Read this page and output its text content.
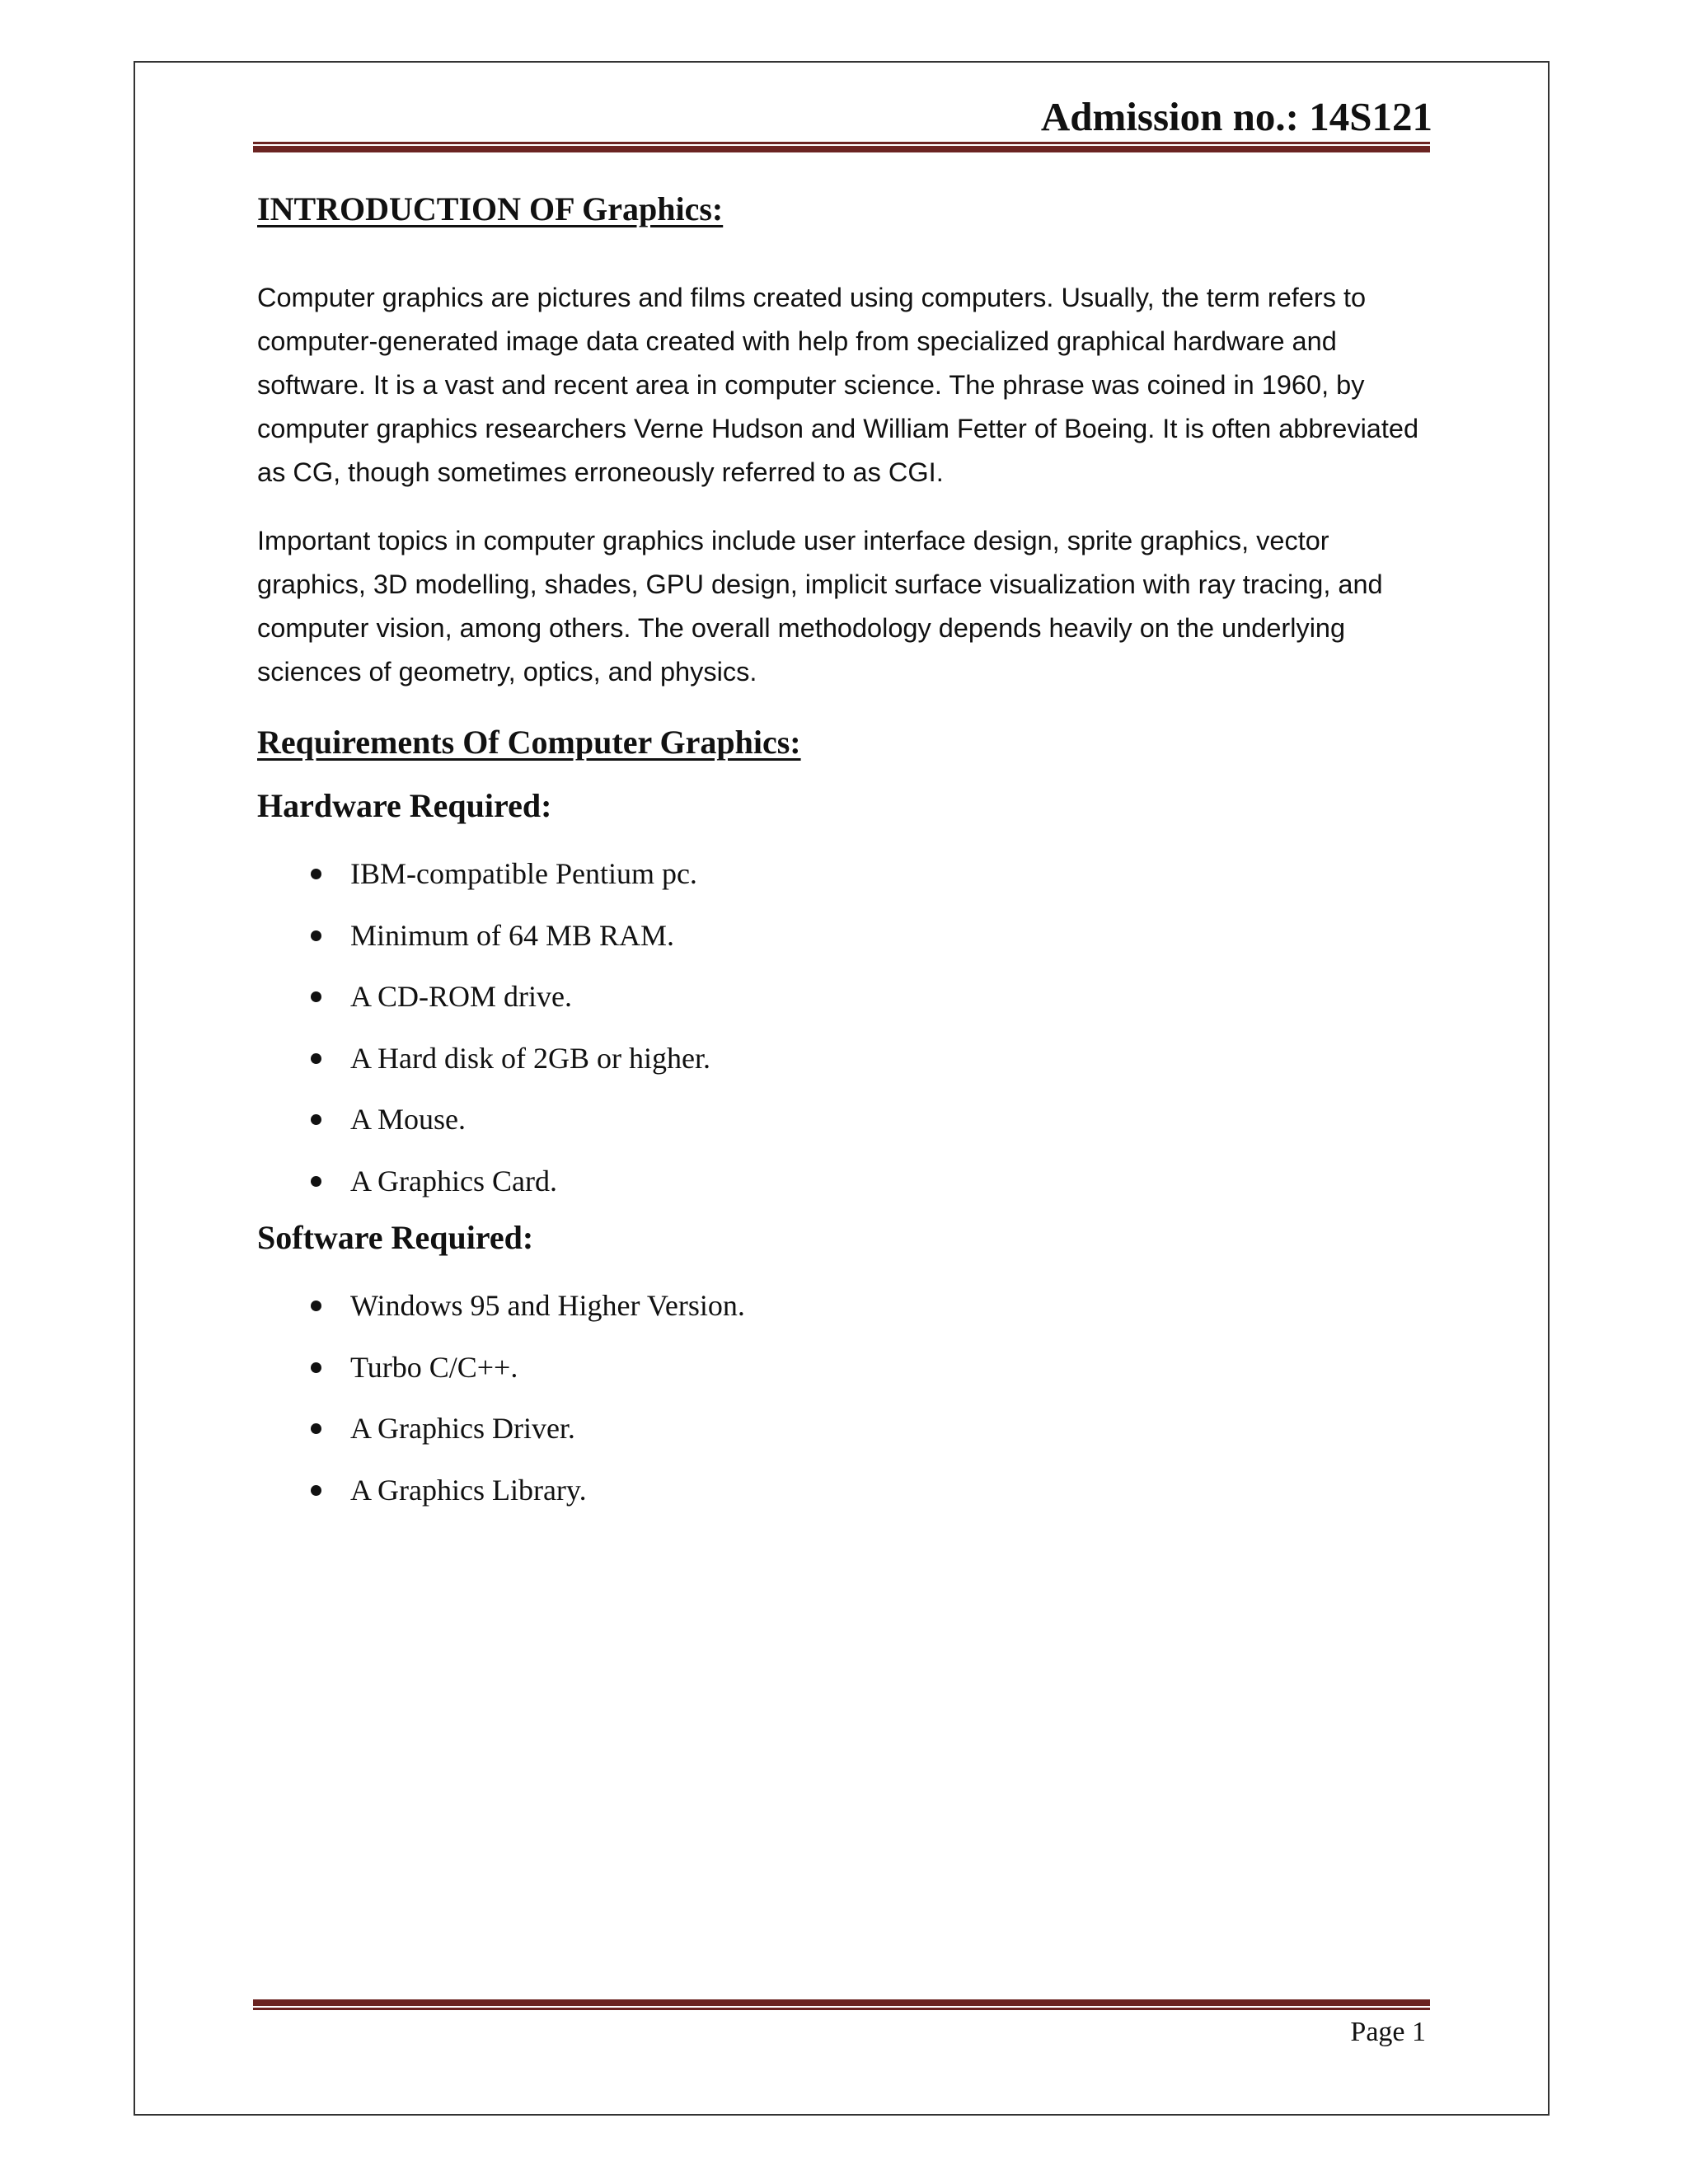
Admission no.: 14S121
INTRODUCTION OF Graphics:

Computer graphics are pictures and films created using computers. Usually, the term refers to computer-generated image data created with help from specialized graphical hardware and software. It is a vast and recent area in computer science. The phrase was coined in 1960, by computer graphics researchers Verne Hudson and William Fetter of Boeing. It is often abbreviated as CG, though sometimes erroneously referred to as CGI.

Important topics in computer graphics include user interface design, sprite graphics, vector graphics, 3D modelling, shades, GPU design, implicit surface visualization with ray tracing, and computer vision, among others. The overall methodology depends heavily on the underlying sciences of geometry, optics, and physics.

Requirements Of Computer Graphics:
Hardware Required:
IBM-compatible Pentium pc.
Minimum of 64 MB RAM.
A CD-ROM drive.
A Hard disk of 2GB or higher.
A Mouse.
A Graphics Card.
Software Required:
Windows 95 and Higher Version.
Turbo C/C++.
A Graphics Driver.
A Graphics Library.
Page 1
